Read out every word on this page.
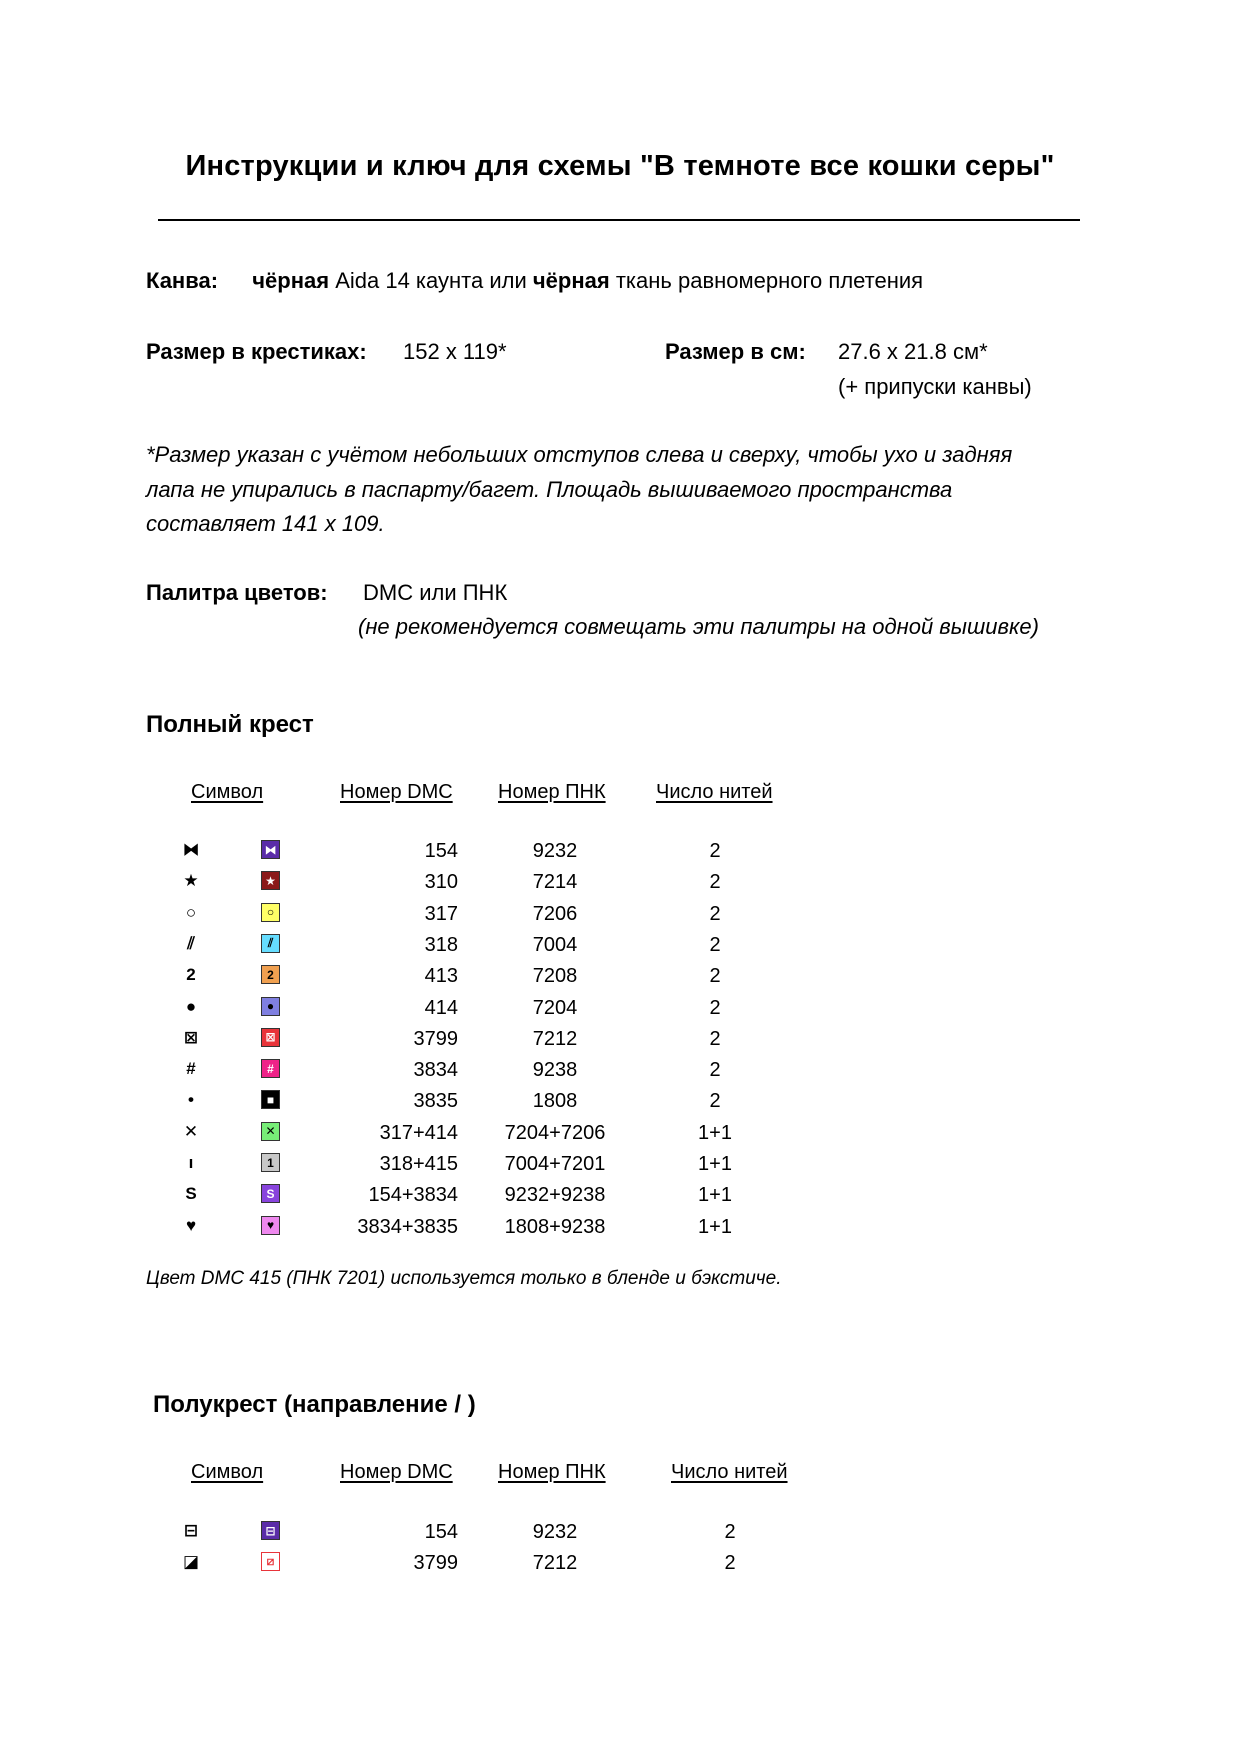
Инструкции и ключ для схемы "В темноте все кошки серы"
Канва: чёрная Aida 14 каунта или чёрная ткань равномерного плетения
Размер в крестиках: 152 x 119*	Размер в см: 27.6 x 21.8 см*
(+ припуски канвы)
*Размер указан с учётом небольших отступов слева и сверху, чтобы ухо и задняя
лапа не упирались в паспарту/багет. Площадь вышиваемого пространства
составляет 141 x 109.
Палитра цветов: DMC или ПНК
(не рекомендуется совмещать эти палитры на одной вышивке)
Полный крест
Символ	Номер DMC Номер ПНК	Число нитей
⧓	⧓	154	9232	2
★	★	310	7214	2
○	○	317	7206	2
⫽	⫽	318	7004	2
2	2	413	7208	2
●	●	414	7204	2
⊠	⊠	3799	7212	2
#	#	3834	9238	2
•	■	3835	1808	2
✕	✕	317+414	7204+7206	1+1
ı	1	318+415	7004+7201	1+1
S	S	154+3834	9232+9238	1+1
♥	♥	3834+3835	1808+9238	1+1
Цвет DMC 415 (ПНК 7201) используется только в бленде и бэкстиче.
Полукрест (направление / )
Символ	Номер DMC Номер ПНК	Число нитей
⊟	⊟	154	9232	2
◪	⧄	3799	7212	2
